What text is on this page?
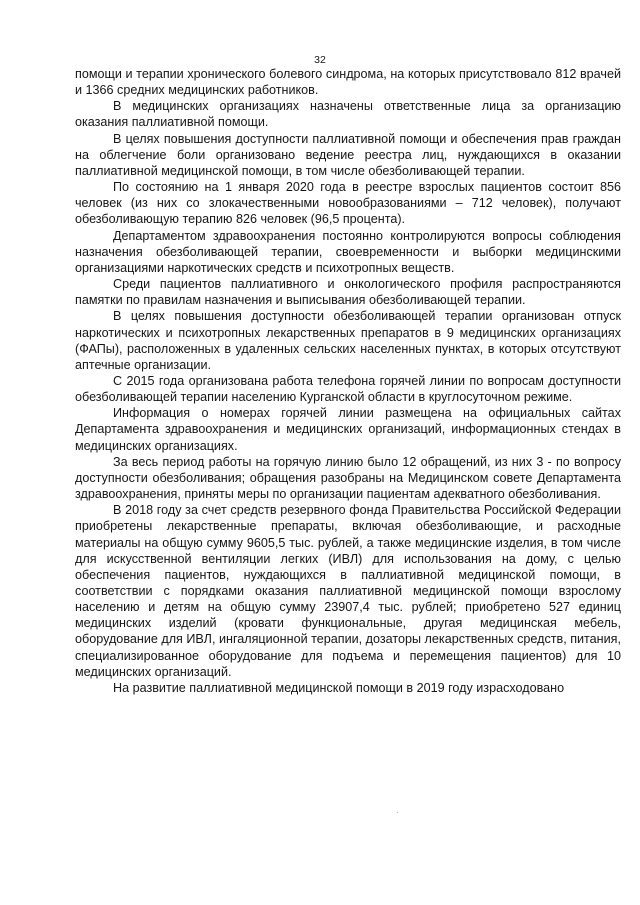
32

помощи и терапии хронического болевого синдрома, на которых присутствовало 812 врачей и 1366 средних медицинских работников.

В медицинских организациях назначены ответственные лица за организацию оказания паллиативной помощи.

В целях повышения доступности паллиативной помощи и обеспечения прав граждан на облегчение боли организовано ведение реестра лиц, нуждающихся в оказании паллиативной медицинской помощи, в том числе обезболивающей терапии.

По состоянию на 1 января 2020 года в реестре взрослых пациентов состоит 856 человек (из них со злокачественными новообразованиями – 712 человек), получают обезболивающую терапию 826 человек (96,5 процента).

Департаментом здравоохранения постоянно контролируются вопросы соблюдения назначения обезболивающей терапии, своевременности и выборки медицинскими организациями наркотических средств и психотропных веществ.

Среди пациентов паллиативного и онкологического профиля распространяются памятки по правилам назначения и выписывания обезболивающей терапии.

В целях повышения доступности обезболивающей терапии организован отпуск наркотических и психотропных лекарственных препаратов в 9 медицинских организациях (ФАПы), расположенных в удаленных сельских населенных пунктах, в которых отсутствуют аптечные организации.

С 2015 года организована работа телефона горячей линии по вопросам доступности обезболивающей терапии населению Курганской области в круглосуточном режиме.

Информация о номерах горячей линии размещена на официальных сайтах Департамента здравоохранения и медицинских организаций, информационных стендах в медицинских организациях.

За весь период работы на горячую линию было 12 обращений, из них 3 - по вопросу доступности обезболивания; обращения разобраны на Медицинском совете Департамента здравоохранения, приняты меры по организации пациентам адекватного обезболивания.

В 2018 году за счет средств резервного фонда Правительства Российской Федерации приобретены лекарственные препараты, включая обезболивающие, и расходные материалы на общую сумму 9605,5 тыс. рублей, а также медицинские изделия, в том числе для искусственной вентиляции легких (ИВЛ) для использования на дому, с целью обеспечения пациентов, нуждающихся в паллиативной медицинской помощи, в соответствии с порядками оказания паллиативной медицинской помощи взрослому населению и детям на общую сумму 23907,4 тыс. рублей; приобретено 527 единиц медицинских изделий (кровати функциональные, другая медицинская мебель, оборудование для ИВЛ, ингаляционной терапии, дозаторы лекарственных средств, питания, специализированное оборудование для подъема и перемещения пациентов) для 10 медицинских организаций.

На развитие паллиативной медицинской помощи в 2019 году израсходовано
